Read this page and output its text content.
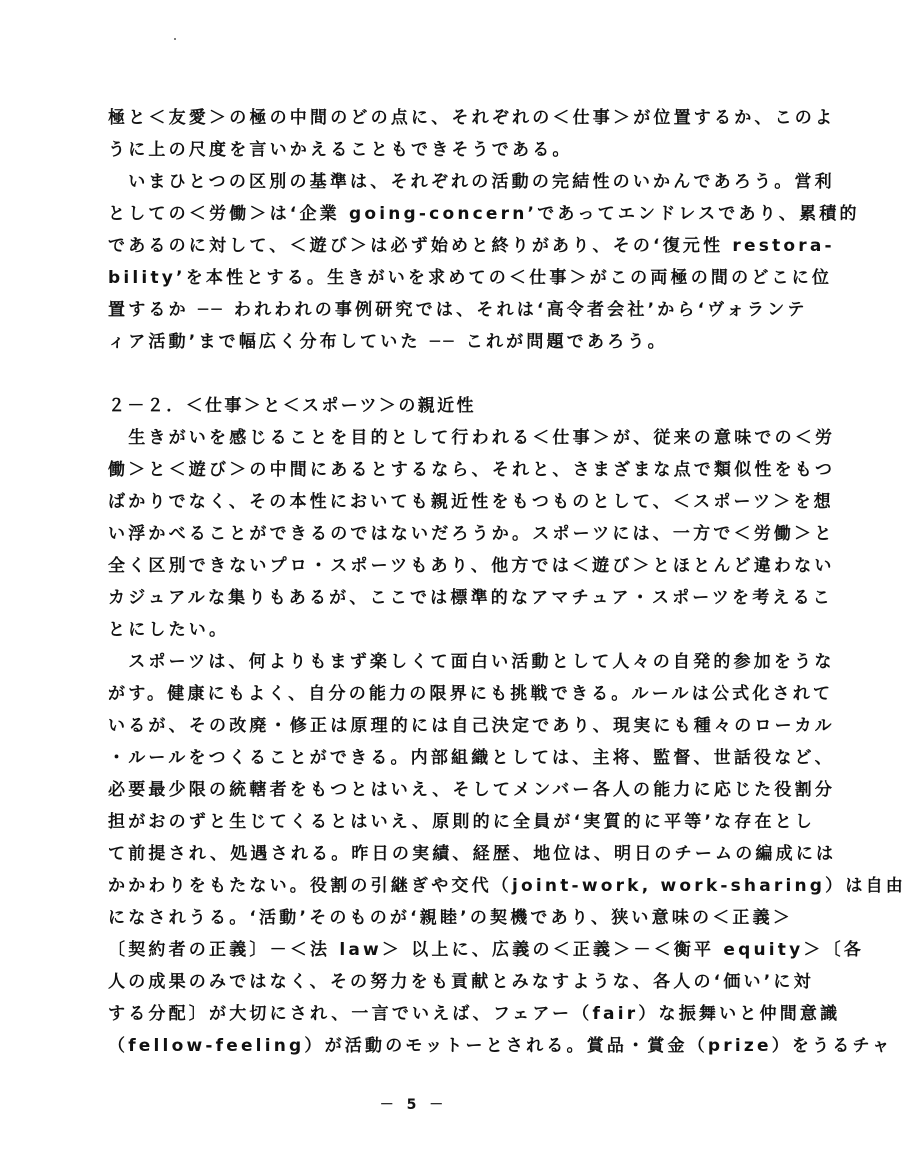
極と＜友愛＞の極の中間のどの点に、それぞれの＜仕事＞が位置するか、このよ
うに上の尺度を言いかえることもできそうである。
　いまひとつの区別の基準は、それぞれの活動の完結性のいかんであろう。営利
としての＜労働＞は‘企業 going-concern’であってエンドレスであり、累積的
であるのに対して、＜遊び＞は必ず始めと終りがあり、その‘復元性 restora-
bility’を本性とする。生きがいを求めての＜仕事＞がこの両極の間のどこに位
置するか ── われわれの事例研究では、それは‘高令者会社’から‘ヴォランテ
ィア活動’まで幅広く分布していた ── これが問題であろう。
２－２．＜仕事＞と＜スポーツ＞の親近性
　生きがいを感じることを目的として行われる＜仕事＞が、従来の意味での＜労
働＞と＜遊び＞の中間にあるとするなら、それと、さまざまな点で類似性をもつ
ばかりでなく、その本性においても親近性をもつものとして、＜スポーツ＞を想
い浮かべることができるのではないだろうか。スポーツには、一方で＜労働＞と
全く区別できないプロ・スポーツもあり、他方では＜遊び＞とほとんど違わない
カジュアルな集りもあるが、ここでは標準的なアマチュア・スポーツを考えるこ
とにしたい。
　スポーツは、何よりもまず楽しくて面白い活動として人々の自発的参加をうな
がす。健康にもよく、自分の能力の限界にも挑戦できる。ルールは公式化されて
いるが、その改廃・修正は原理的には自己決定であり、現実にも種々のローカル
・ルールをつくることができる。内部組織としては、主将、監督、世話役など、
必要最少限の統轄者をもつとはいえ、そしてメンバー各人の能力に応じた役割分
担がおのずと生じてくるとはいえ、原則的に全員が‘実質的に平等’な存在とし
て前提され、処遇される。昨日の実績、経歴、地位は、明日のチームの編成には
かかわりをもたない。役割の引継ぎや交代（joint-work, work-sharing）は自由
になされうる。‘活動’そのものが‘親睦’の契機であり、狭い意味の＜正義＞
〔契約者の正義〕－＜法 law＞ 以上に、広義の＜正義＞－＜衡平 equity＞〔各
人の成果のみではなく、その努力をも貢献とみなすような、各人の‘価い’に対
する分配〕が大切にされ、一言でいえば、フェアー（fair）な振舞いと仲間意識
（fellow-feeling）が活動のモットーとされる。賞品・賞金（prize）をうるチャ
－ 5 －
